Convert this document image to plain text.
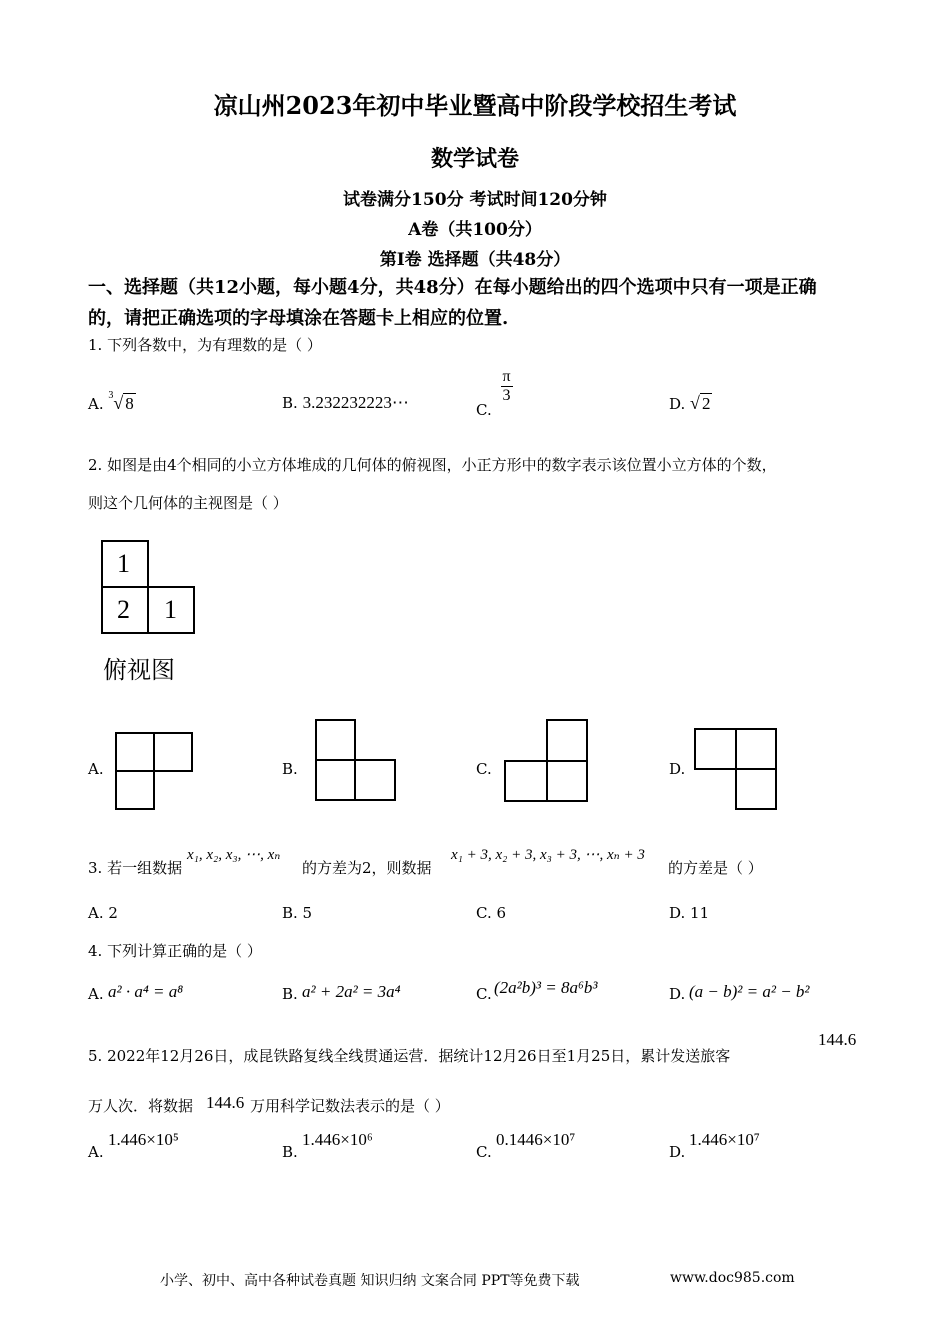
凉山州2023年初中毕业暨高中阶段学校招生考试
数学试卷
试卷满分150分 考试时间120分钟
A卷（共100分）
第Ⅰ卷 选择题（共48分）
一、选择题（共12小题，每小题4分，共48分）在每小题给出的四个选项中只有一项是正确
的，请把正确选项的字母填涂在答题卡上相应的位置.
1. 下列各数中，为有理数的是（ ）
A. $^3$√ 8	B. 3.232232223⋯	C.
$\frac{\pi}{3}$	D. √ 2
2. 如图是由4个相同的小立方体堆成的几何体的俯视图，小正方形中的数字表示该位置小立方体的个数，
则这个几何体的主视图是（ ）
1
2 1
俯视图
A.	B.	C.	D.
3. 若一组数据
x₁, x₂, x₃, ⋯, xₙ
的方差为2，则数据
x₁ + 3, x₂ + 3, x₃ + 3, ⋯, xₙ + 3
的方差是（ ）
A. 2	B. 5	C. 6	D. 11
4. 下列计算正确的是（ ）
A. a² · a⁴ = a⁸	B. a² + 2a² = 3a⁴	C. (2a²b)³ = 8a⁶b³	D. (a − b)² = a² − b²
5. 2022年12月26日，成昆铁路复线全线贯通运营．据统计12月26日至1月25日，累计发送旅客
144.6
万人次．将数据 144.6 万用科学记数法表示的是（ ）
A.
1.446×10⁵
B.
1.446×10⁶
C.
0.1446×10⁷
D.
1.446×10⁷
小学、初中、高中各种试卷真题 知识归纳 文案合同 PPT等免费下载	www.doc985.com
